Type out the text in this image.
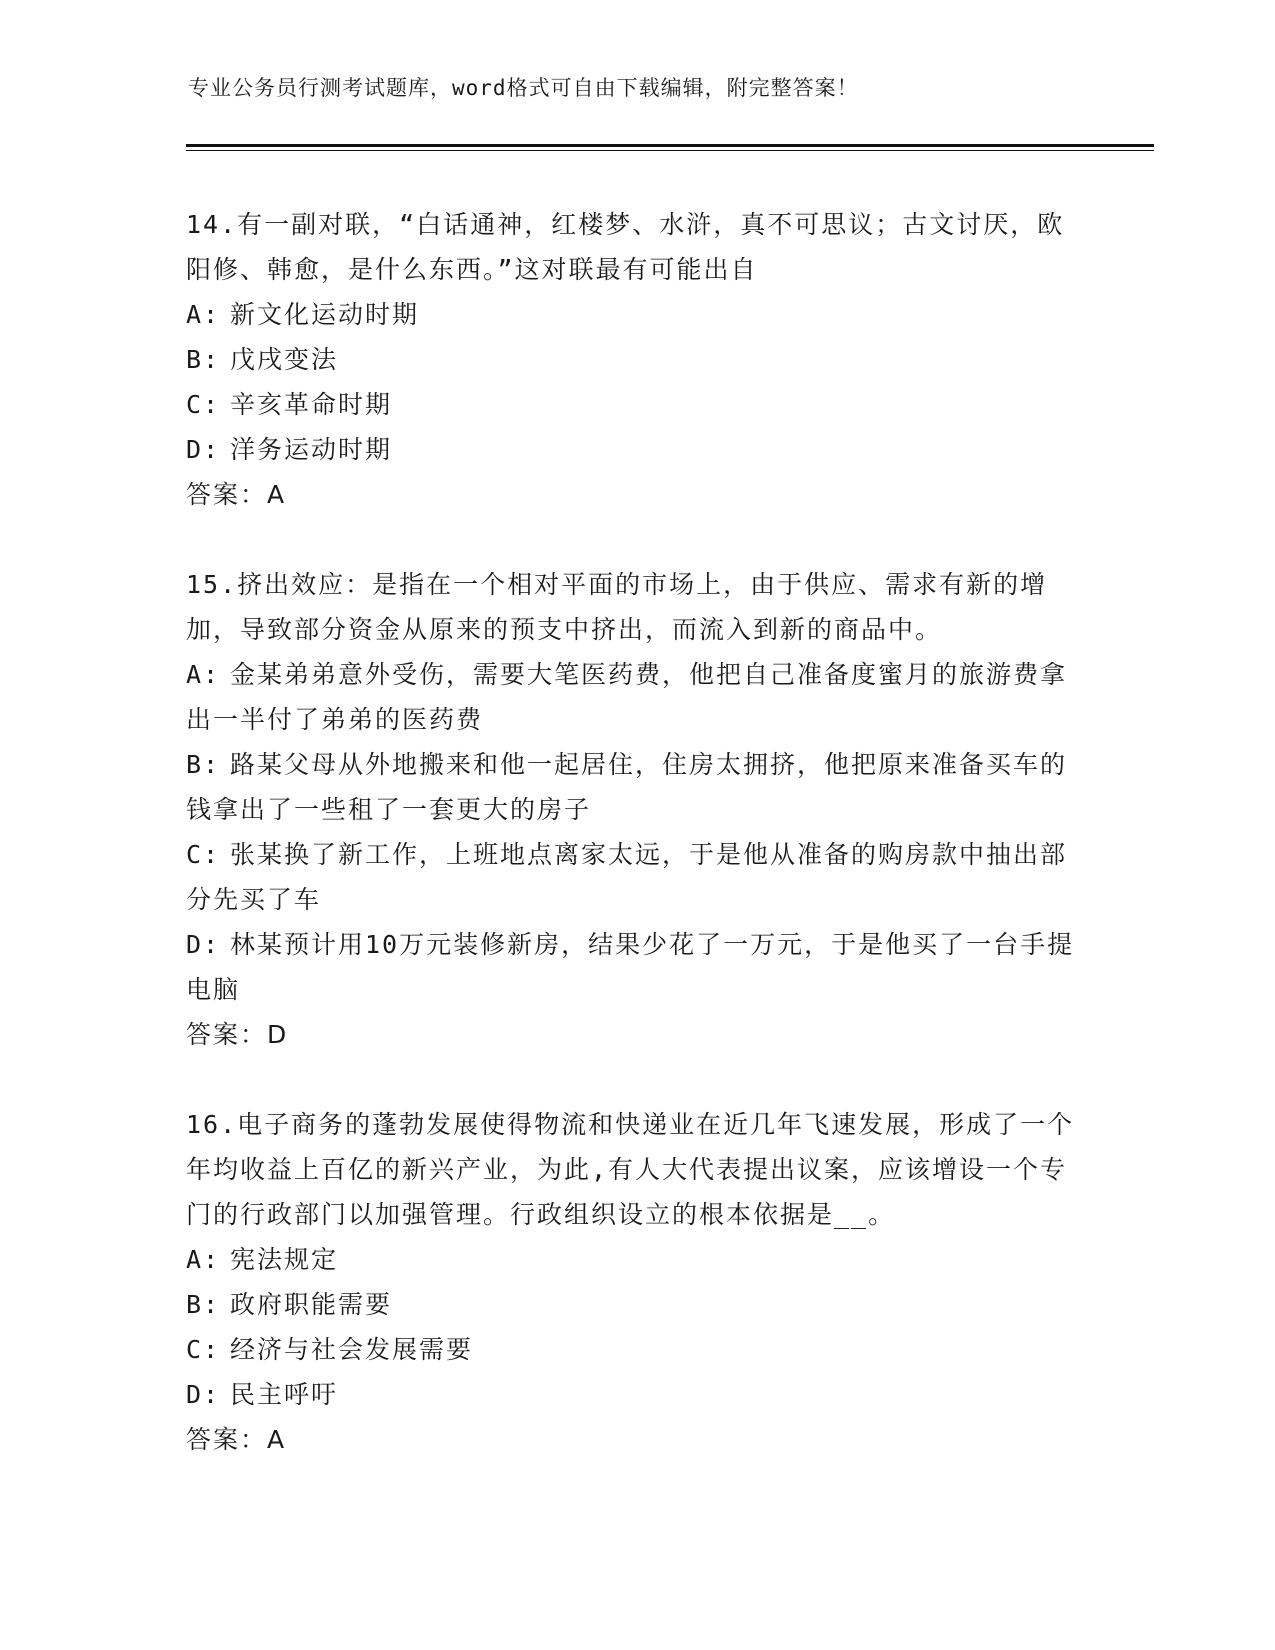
专业公务员行测考试题库，word格式可自由下载编辑，附完整答案！

14.有一副对联，“白话通神，红楼梦、水浒，真不可思议；古文讨厌，欧阳修、韩愈，是什么东西。”这对联最有可能出自

A: 新文化运动时期

B: 戊戌变法

C: 辛亥革命时期

D: 洋务运动时期

答案：A

15.挤出效应：是指在一个相对平面的市场上，由于供应、需求有新的增加，导致部分资金从原来的预支中挤出，而流入到新的商品中。

A: 金某弟弟意外受伤，需要大笔医药费，他把自己准备度蜜月的旅游费拿出一半付了弟弟的医药费

B: 路某父母从外地搬来和他一起居住，住房太拥挤，他把原来准备买车的钱拿出了一些租了一套更大的房子

C: 张某换了新工作，上班地点离家太远，于是他从准备的购房款中抽出部分先买了车

D: 林某预计用10万元装修新房，结果少花了一万元，于是他买了一台手提电脑

答案：D

16.电子商务的蓬勃发展使得物流和快递业在近几年飞速发展，形成了一个年均收益上百亿的新兴产业，为此,有人大代表提出议案，应该增设一个专门的行政部门以加强管理。行政组织设立的根本依据是__。

A: 宪法规定

B: 政府职能需要

C: 经济与社会发展需要

D: 民主呼吁

答案：A
